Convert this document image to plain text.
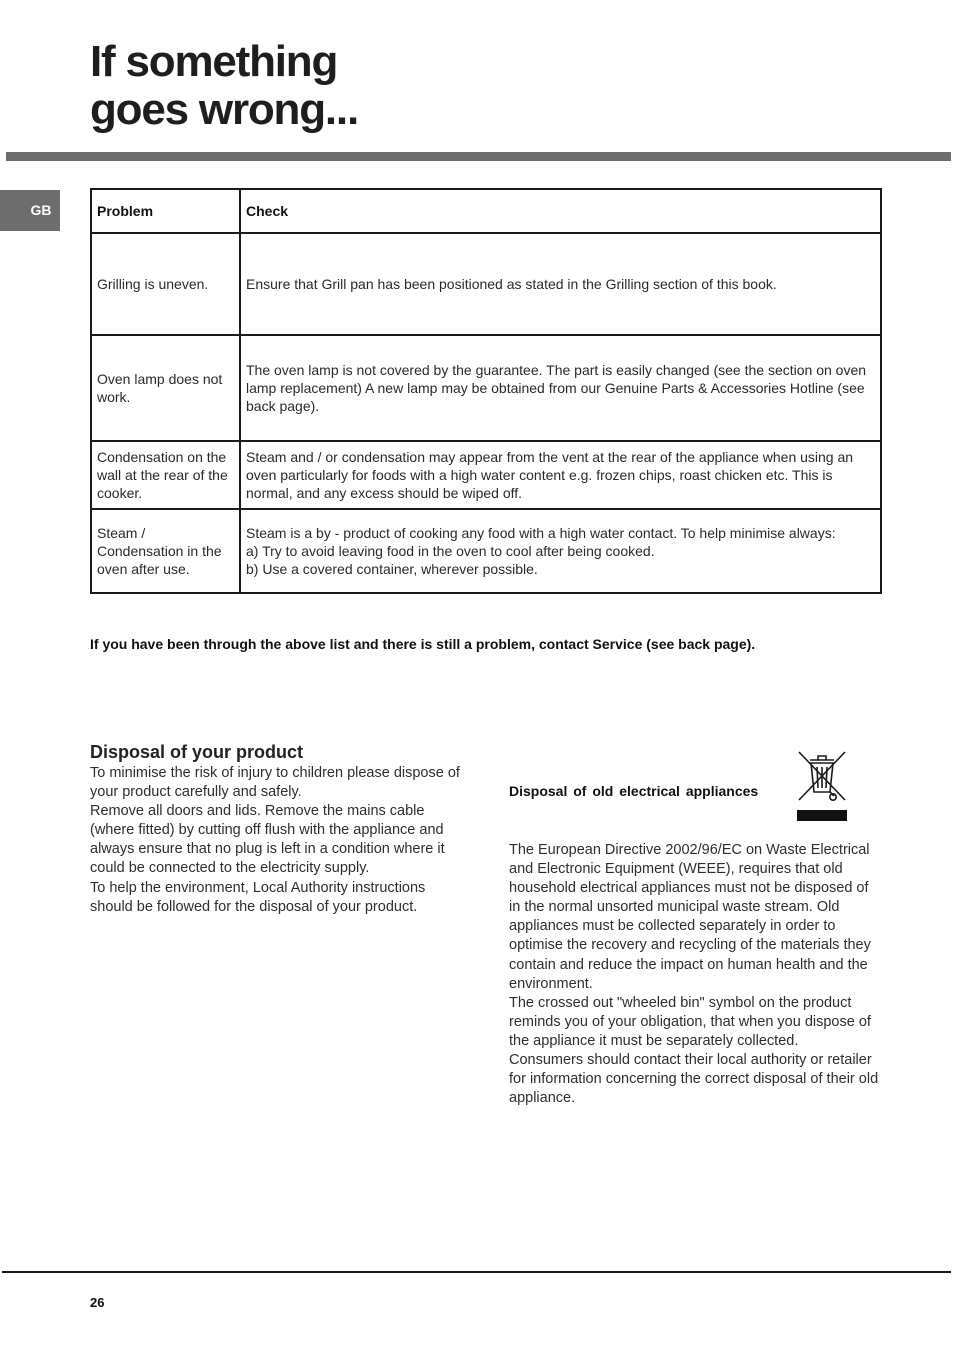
If something
goes wrong...
GB	Problem	Check
Grilling is uneven.	Ensure that Grill pan has been positioned as stated in the Grilling section of this book.

Oven lamp does not work.	The oven lamp is not covered by the guarantee. The part is easily changed (see the section on oven lamp replacement) A new lamp may be obtained from our Genuine Parts & Accessories Hotline (see back page).

Condensation on the wall at the rear of the cooker.	Steam and / or condensation may appear from the vent at the rear of the appliance when using an oven particularly for foods with a high water content e.g. frozen chips, roast chicken etc. This is normal, and any excess should be wiped off.

Steam / Condensation in the oven after use.	Steam is a by - product of cooking any food with a high water contact. To help minimise always:
a) Try to avoid leaving food in the oven to cool after being cooked.
b) Use a covered container, wherever possible.

If you have been through the above list and there is still a problem, contact Service (see back page).

Disposal of your product

To minimise the risk of injury to children please dispose of your product carefully and safely.

Remove all doors and lids. Remove the mains cable (where fitted) by cutting off flush with the appliance and always ensure that no plug is left in a condition where it could be connected to the electricity supply.

To help the environment, Local Authority instructions should be followed for the disposal of your product.

Disposal of old electrical appliances

The European Directive 2002/96/EC on Waste Electrical and Electronic Equipment (WEEE), requires that old household electrical appliances must not be disposed of in the normal unsorted municipal waste stream. Old appliances must be collected separately in order to optimise the recovery and recycling of the materials they contain and reduce the impact on human health and the environment.

The crossed out "wheeled bin" symbol on the product reminds you of your obligation, that when you dispose of the appliance it must be separately collected.

Consumers should contact their local authority or retailer for information concerning the correct disposal of their old appliance.

26
